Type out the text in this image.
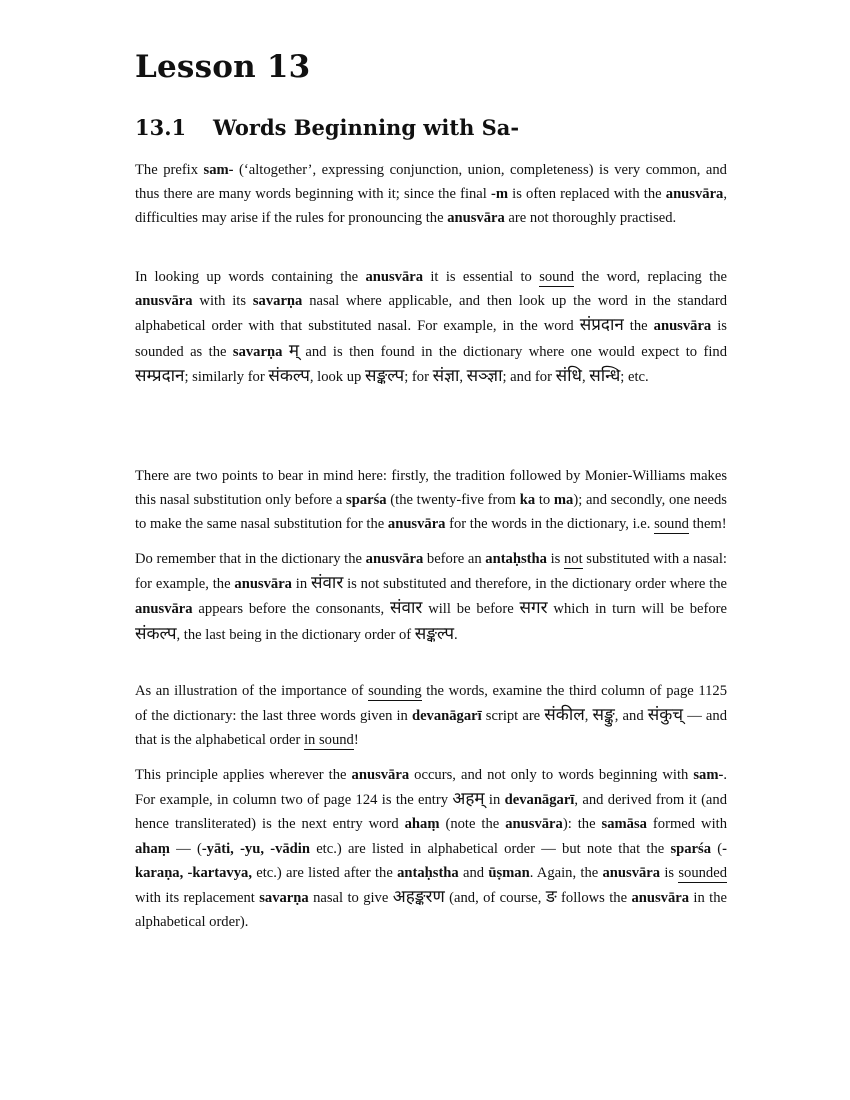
Lesson 13
13.1	Words Beginning with Sa-

The prefix sam- (‘altogether’, expressing conjunction, union, completeness) is very common, and thus there are many words beginning with it; since the final -m is often replaced with the anusvāra, difficulties may arise if the rules for pronouncing the anusvāra are not thoroughly practised.

In looking up words containing the anusvāra it is essential to sound the word, replacing the anusvāra with its savarṇa nasal where applicable, and then look up the word in the standard alphabetical order with that substituted nasal. For example, in the word संप्रदान the anusvāra is sounded as the savarṇa म् and is then found in the dictionary where one would expect to find सम्प्रदान; similarly for संकल्प, look up सङ्कल्प; for संज्ञा, सञ्ज्ञा; and for संधि, सन्धि; etc.

There are two points to bear in mind here: firstly, the tradition followed by Monier-Williams makes this nasal substitution only before a sparśa (the twenty-five from ka to ma); and secondly, one needs to make the same nasal substitution for the anusvāra for the words in the dictionary, i.e. sound them!

Do remember that in the dictionary the anusvāra before an antaḥstha is not substituted with a nasal: for example, the anusvāra in संवार is not substituted and therefore, in the dictionary order where the anusvāra appears before the consonants, संवार will be before सगर which in turn will be before संकल्प, the last being in the dictionary order of सङ्कल्प.

As an illustration of the importance of sounding the words, examine the third column of page 1125 of the dictionary: the last three words given in devanāgarī script are संकील, सङ्कु, and संकुच् — and that is the alphabetical order in sound!

This principle applies wherever the anusvāra occurs, and not only to words beginning with sam-. For example, in column two of page 124 is the entry अहम् in devanāgarī, and derived from it (and hence transliterated) is the next entry word ahaṃ (note the anusvāra): the samāsa formed with ahaṃ — (-yāti, -yu, -vādin etc.) are listed in alphabetical order — but note that the sparśa (-karaṇa, -kartavya, etc.) are listed after the antaḥstha and ūṣman. Again, the anusvāra is sounded with its replacement savarṇa nasal to give अहङ्करण (and, of course, ङ follows the anusvāra in the alphabetical order).
